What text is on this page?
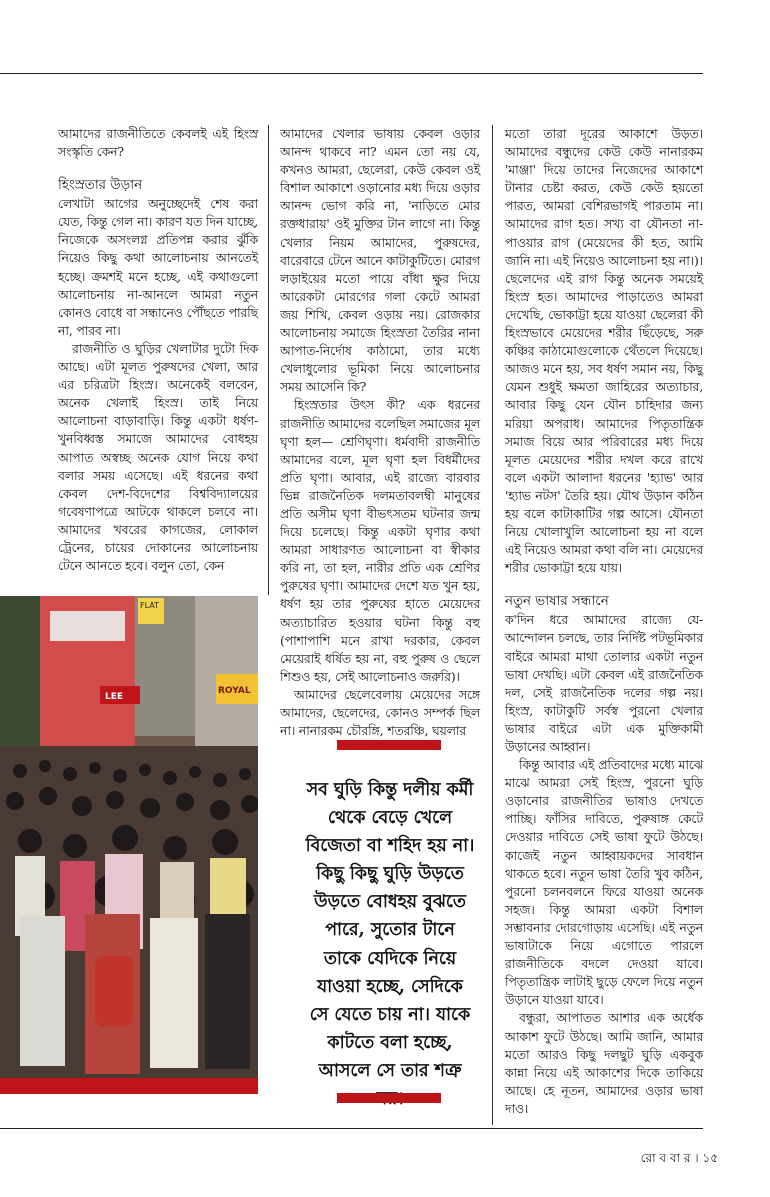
আমাদের রাজনীতিতে কেবলই এই হিংস্র সংস্কৃতি কেন?

হিংস্রতার উড়ান

লেখাটা আগের অনুচ্ছেদেই শেষ করা যেত, কিন্তু গেল না। কারণ যত দিন যাচ্ছে, নিজেকে অসংলগ্ন প্রতিপন্ন করার ঝুঁকি নিয়েও কিছু কথা আলোচনায় আনতেই হচ্ছে। ক্রমশই মনে হচ্ছে, এই কথাগুলো আলোচনায় না-আনলে আমরা নতুন কোনও বোধে বা সন্ধানেও পৌঁছতে পারছি না, পারব না।

রাজনীতি ও ঘুড়ির খেলাটার দুটো দিক আছে। এটা মূলত পুরুষদের খেলা, আর এর চরিত্রটা হিংস্র। অনেকেই বলবেন, অনেক খেলাই হিংস্র। তাই নিয়ে আলোচনা বাড়াবাড়ি। কিন্তু একটা ধর্ষণ-খুনবিধ্বস্ত সমাজে আমাদের বোধহয় আপাত অস্বচ্ছ অনেক যোগ নিয়ে কথা বলার সময় এসেছে। এই ধরনের কথা কেবল দেশ-বিদেশের বিশ্ববিদ্যালয়ের গবেষণাপত্রে আটকে থাকলে চলবে না। আমাদের খবরের কাগজের, লোকাল ট্রেনের, চায়ের দোকানের আলোচনায় টেনে আনতে হবে। বলুন তো, কেন

আমাদের খেলার ভাষায় কেবল ওড়ার আনন্দ থাকবে না? এমন তো নয় যে, কখনও আমরা, ছেলেরা, কেউ কেবল ওই বিশাল আকাশে ওড়ানোর মধ্য দিয়ে ওড়ার আনন্দ ভোগ করি না, 'নাড়িতে মোর রক্তধারায়' ওই মুক্তির টান লাগে না। কিন্তু খেলার নিয়ম আমাদের, পুরুষদের, বারেবারে টেনে আনে কাটাকুটিতে। মোরগ লড়াইয়ের মতো পায়ে বাঁধা ক্ষুর দিয়ে আরেকটা মোরগের গলা কেটে আমরা জয় শিখি, কেবল ওড়ায় নয়। রোজকার আলোচনায় সমাজে হিংস্রতা তৈরির নানা আপাত-নির্দোষ কাঠামো, তার মধ্যে খেলাধুলোর ভূমিকা নিয়ে আলোচনার সময় আসেনি কি?

হিংস্রতার উৎস কী? এক ধরনের রাজনীতি আমাদের বলেছিল সমাজের মূল ঘৃণা হল— শ্রেণিঘৃণা। ধর্মবাদী রাজনীতি আমাদের বলে, মূল ঘৃণা হল বিধর্মীদের প্রতি ঘৃণা। আবার, এই রাজ্যে বারবার ভিন্ন রাজনৈতিক দলমতাবলম্বী মানুষের প্রতি অসীম ঘৃণা বীভৎসতম ঘটনার জন্ম দিয়ে চলেছে। কিন্তু একটা ঘৃণার কথা আমরা সাধারণত আলোচনা বা স্বীকার করি না, তা হল, নারীর প্রতি এক শ্রেণির পুরুষের ঘৃণা। আমাদের দেশে যত খুন হয়, ধর্ষণ হয় তার পুরুষের হাতে মেয়েদের অত্যাচারিত হওয়ার ঘটনা কিন্তু বহু (পাশাপাশি মনে রাখা দরকার, কেবল মেয়েরাই ধর্ষিত হয় না, বহু পুরুষ ও ছেলে শিশুও হয়, সেই আলোচনাও জরুরি)।

আমাদের ছেলেবেলায় মেয়েদের সঙ্গে আমাদের, ছেলেদের, কোনও সম্পর্ক ছিল না। নানারকম চৌরঙ্গি, শতরঞ্চি, ঘয়লার

মতো তারা দূরের আকাশে উড়ত। আমাদের বন্ধুদের কেউ কেউ নানারকম 'মাঞ্জা' দিয়ে তাদের নিজেদের আকাশে টানার চেষ্টা করত, কেউ কেউ হয়তো পারত, আমরা বেশিরভাগই পারতাম না। আমাদের রাগ হত। সখ্য বা যৌনতা না-পাওয়ার রাগ (মেয়েদের কী হত, আমি জানি না। এই নিয়েও আলোচনা হয় না।)। ছেলেদের এই রাগ কিন্তু অনেক সময়েই হিংস্র হত। আমাদের পাড়াতেও আমরা দেখেছি, ভোকাট্টা হয়ে যাওয়া ছেলেরা কী হিংস্রভাবে মেয়েদের শরীর ছিঁড়েছে, সরু কঞ্চির কাঠামোগুলোকে থেঁতলে দিয়েছে। আজও মনে হয়, সব ধর্ষণ সমান নয়, কিছু যেমন শুধুই ক্ষমতা জাহিরের অত্যাচার, আবার কিছু যেন যৌন চাহিদার জন্য মরিয়া অপরাধ। আমাদের পিতৃতান্ত্রিক সমাজ বিয়ে আর পরিবারের মধ্য দিয়ে মূলত মেয়েদের শরীর দখল করে রাখে বলে একটা আলাদা ধরনের 'হ্যাভ' আর 'হ্যাভ নটস' তৈরি হয়। যৌথ উড়ান কঠিন হয় বলে কাটাকাটির গল্প আসে। যৌনতা নিয়ে খোলাখুলি আলোচনা হয় না বলে এই নিয়েও আমরা কথা বলি না। মেয়েদের শরীর ভোকাট্টা হয়ে যায়।

নতুন ভাষার সন্ধানে

ক'দিন ধরে আমাদের রাজ্যে যে-আন্দোলন চলছে, তার নির্দিষ্ট পটভূমিকার বাইরে আমরা মাথা তোলার একটা নতুন ভাষা দেখছি। এটা কেবল এই রাজনৈতিক দল, সেই রাজনৈতিক দলের গল্প নয়। হিংস্র, কাটাকুটি সর্বস্ব পুরনো খেলার ভাষার বাইরে এটা এক মুক্তিকামী উড়ানের আহ্বান।

কিন্তু আবার এই প্রতিবাদের মধ্যে মাঝে মাঝে আমরা সেই হিংস্র, পুরনো ঘুড়ি ওড়ানোর রাজনীতির ভাষাও দেখতে পাচ্ছি। ফাঁসির দাবিতে, পুরুষাঙ্গ কেটে দেওয়ার দাবিতে সেই ভাষা ফুটে উঠছে। কাজেই নতুন আহ্বায়কদের সাবধান থাকতে হবে। নতুন ভাষা তৈরি খুব কঠিন, পুরনো চলনবলনে ফিরে যাওয়া অনেক সহজ। কিন্তু আমরা একটা বিশাল সম্ভাবনার দোরগোড়ায় এসেছি। এই নতুন ভাষাটাকে নিয়ে এগোতে পারলে রাজনীতিকে বদলে দেওয়া যাবে। পিতৃতান্ত্রিক লাটাই ছুড়ে ফেলে দিয়ে নতুন উড়ানে যাওয়া যাবে।

বন্ধুরা, আপাতত আশার এক অর্ধেক আকাশ ফুটে উঠছে। আমি জানি, আমার মতো আরও কিছু দলছুট ঘুড়ি একবুক কান্না নিয়ে এই আকাশের দিকে তাকিয়ে আছে। হে নূতন, আমাদের ওড়ার ভাষা দাও।

FLAT
ROYAL
LEE
সব ঘুড়ি কিন্তু দলীয় কর্মী থেকে বেড়ে খেলে বিজেতা বা শহিদ হয় না। কিছু কিছু ঘুড়ি উড়তে উড়তে বোধহয় বুঝতে পারে, সুতোর টানে তাকে যেদিকে নিয়ে যাওয়া হচ্ছে, সেদিকে সে যেতে চায় না। যাকে কাটতে বলা হচ্ছে, আসলে সে তার শত্রু
রো ব বা র । ১৫
